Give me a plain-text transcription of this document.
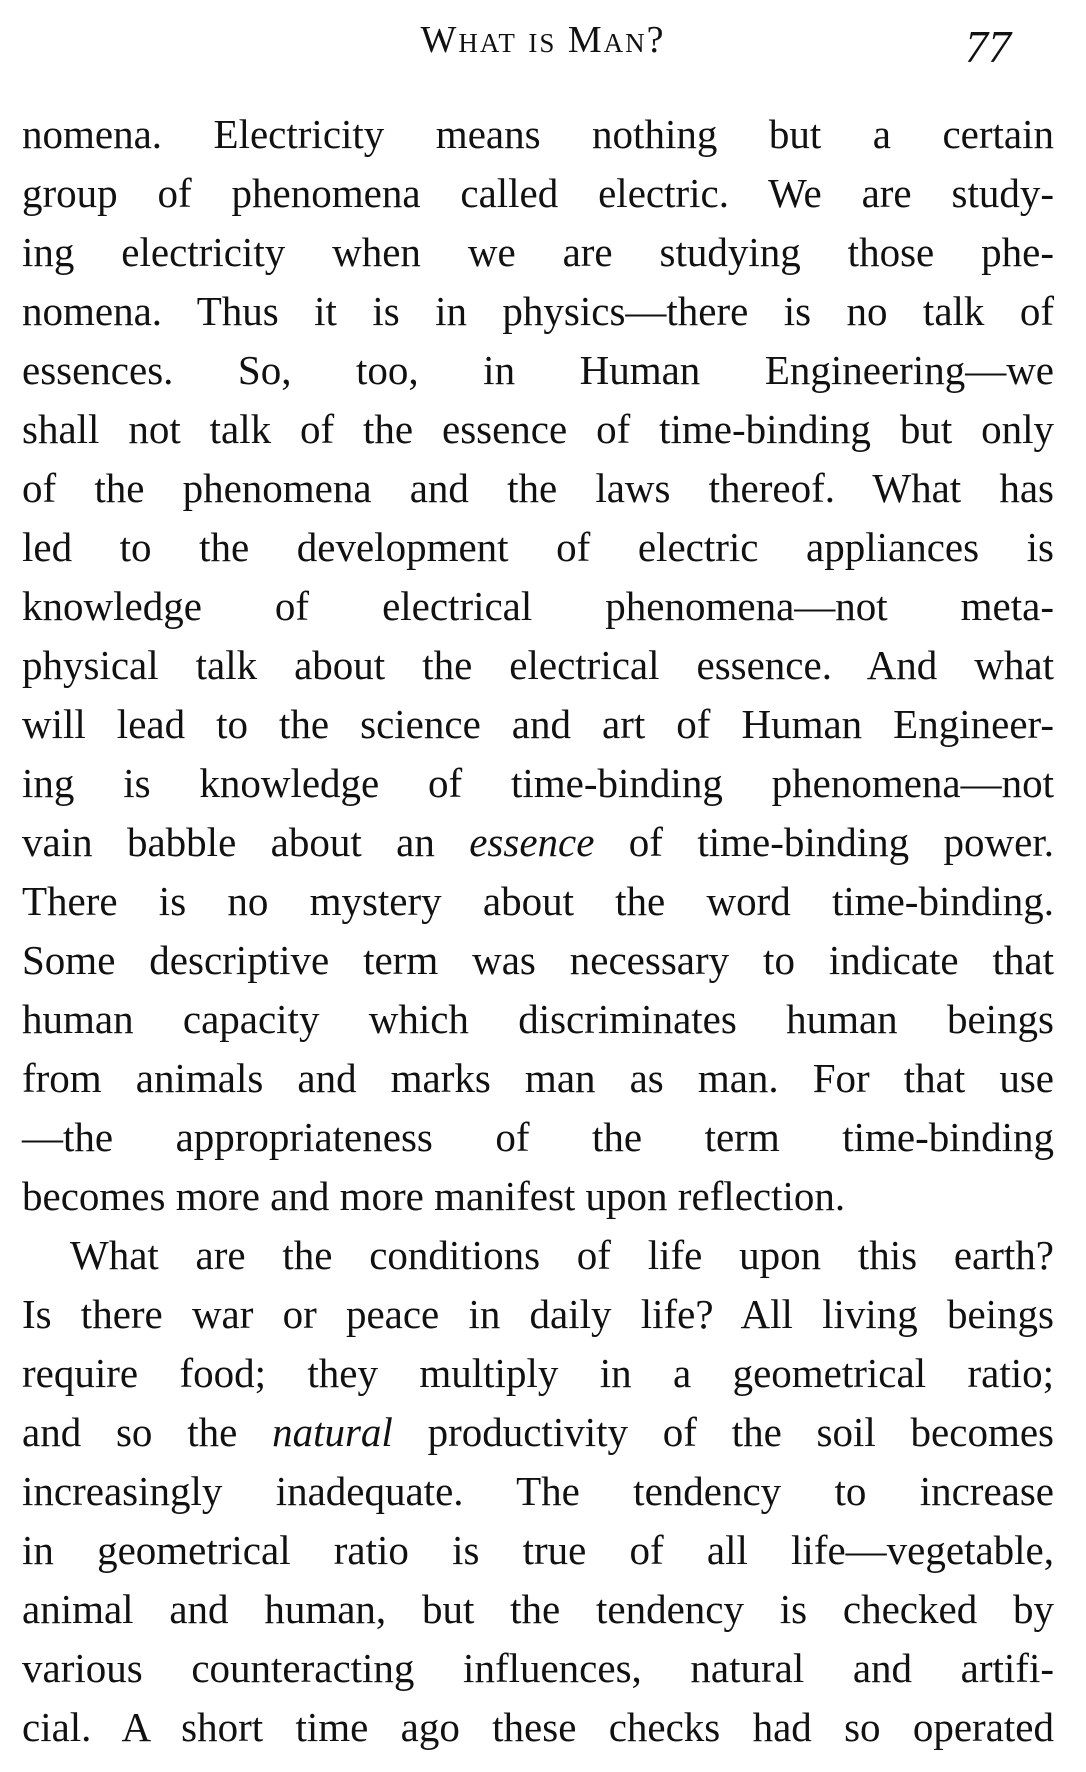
What is Man?	77
nomena. Electricity means nothing but a certain
group of phenomena called electric. We are study-
ing electricity when we are studying those phe-
nomena. Thus it is in physics—there is no talk of
essences. So, too, in Human Engineering—we
shall not talk of the essence of time-binding but only
of the phenomena and the laws thereof. What has
led to the development of electric appliances is
knowledge of electrical phenomena—not meta-
physical talk about the electrical essence. And what
will lead to the science and art of Human Engineer-
ing is knowledge of time-binding phenomena—not
vain babble about an essence of time-binding power.
There is no mystery about the word time-binding.
Some descriptive term was necessary to indicate that
human capacity which discriminates human beings
from animals and marks man as man. For that use
—the appropriateness of the term time-binding
becomes more and more manifest upon reflection.
What are the conditions of life upon this earth?
Is there war or peace in daily life? All living beings
require food; they multiply in a geometrical ratio;
and so the natural productivity of the soil becomes
increasingly inadequate. The tendency to increase
in geometrical ratio is true of all life—vegetable,
animal and human, but the tendency is checked by
various counteracting influences, natural and artifi-
cial. A short time ago these checks had so operated
